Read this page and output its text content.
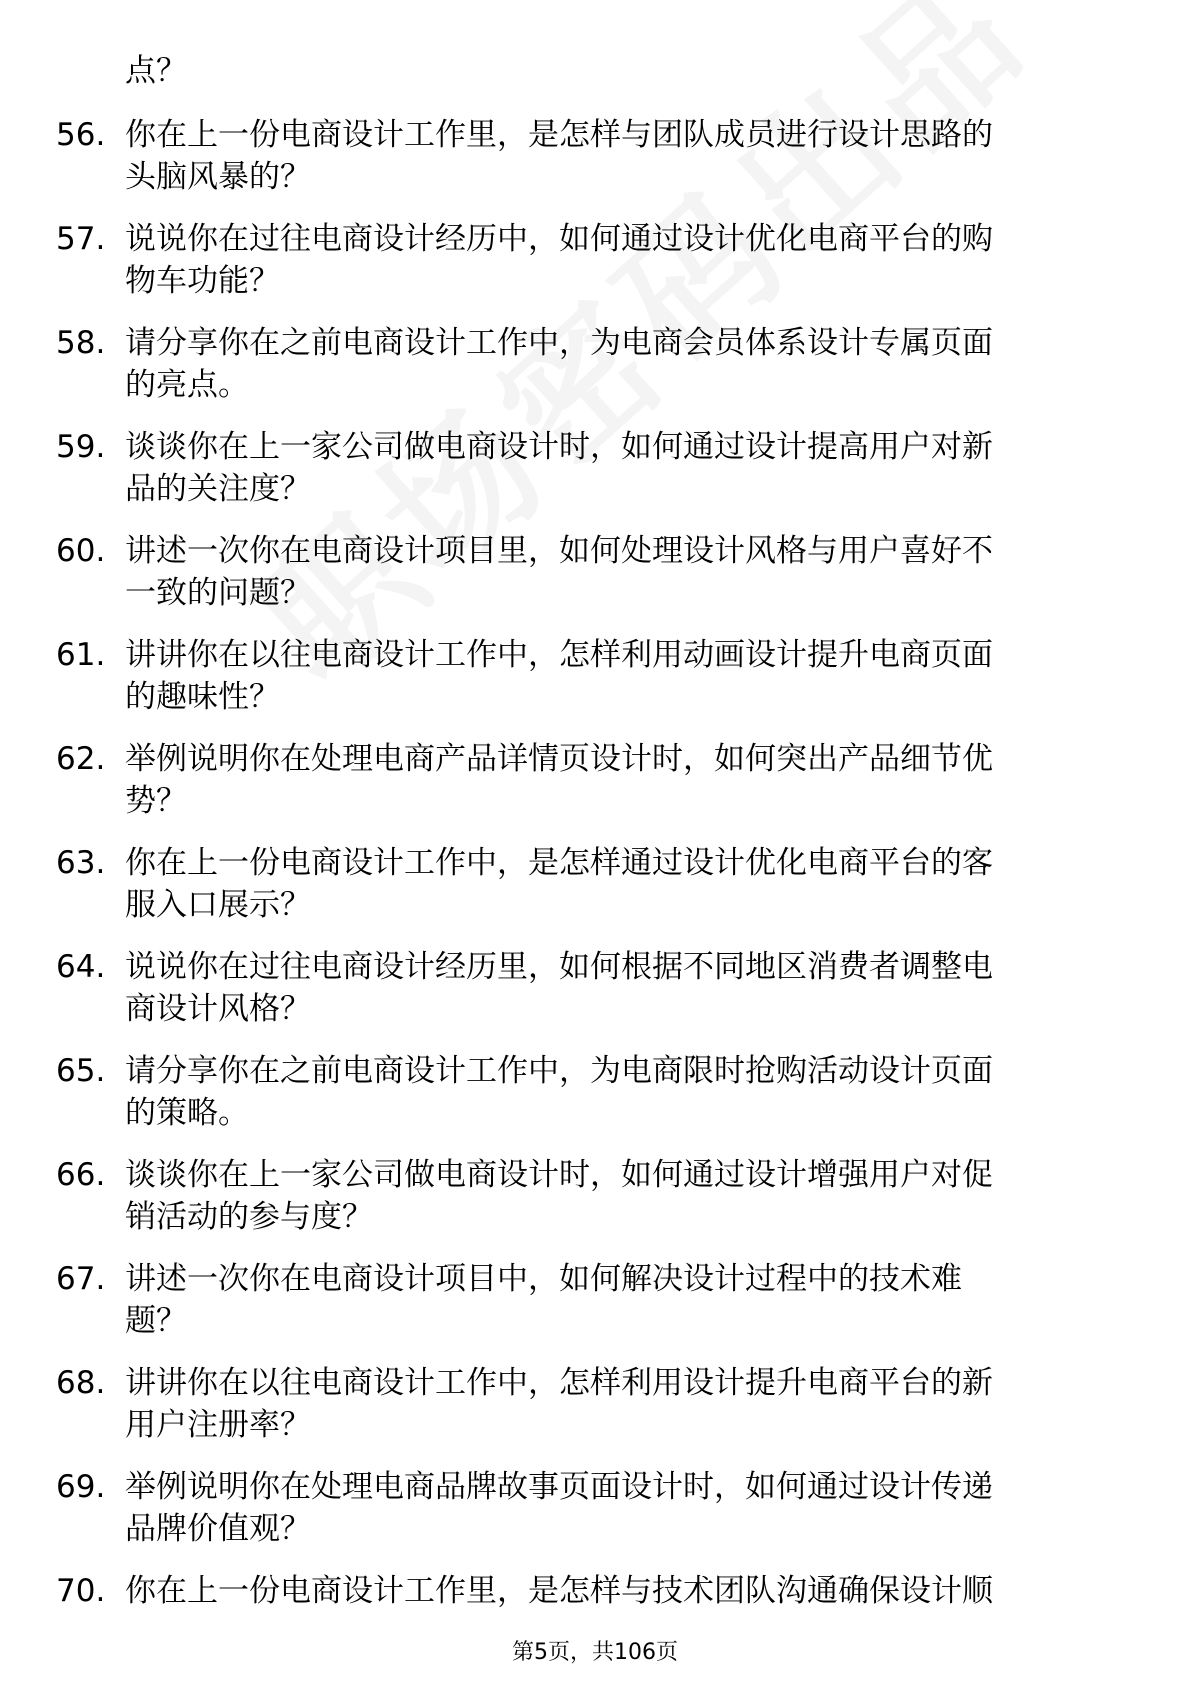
点？
56. 你在上一份电商设计工作里，是怎样与团队成员进行设计思路的
头脑风暴的？
57. 说说你在过往电商设计经历中，如何通过设计优化电商平台的购
物车功能？
58. 请分享你在之前电商设计工作中，为电商会员体系设计专属页面
的亮点。
59. 谈谈你在上一家公司做电商设计时，如何通过设计提高用户对新
品的关注度？
60. 讲述一次你在电商设计项目里，如何处理设计风格与用户喜好不
一致的问题？
61. 讲讲你在以往电商设计工作中，怎样利用动画设计提升电商页面
的趣味性？
62. 举例说明你在处理电商产品详情页设计时，如何突出产品细节优
势？
63. 你在上一份电商设计工作中，是怎样通过设计优化电商平台的客
服入口展示？
64. 说说你在过往电商设计经历里，如何根据不同地区消费者调整电
商设计风格？
65. 请分享你在之前电商设计工作中，为电商限时抢购活动设计页面
的策略。
66. 谈谈你在上一家公司做电商设计时，如何通过设计增强用户对促
销活动的参与度？
67. 讲述一次你在电商设计项目中，如何解决设计过程中的技术难
题？
68. 讲讲你在以往电商设计工作中，怎样利用设计提升电商平台的新
用户注册率？
69. 举例说明你在处理电商品牌故事页面设计时，如何通过设计传递
品牌价值观？
70. 你在上一份电商设计工作里，是怎样与技术团队沟通确保设计顺
第5页，共106页
